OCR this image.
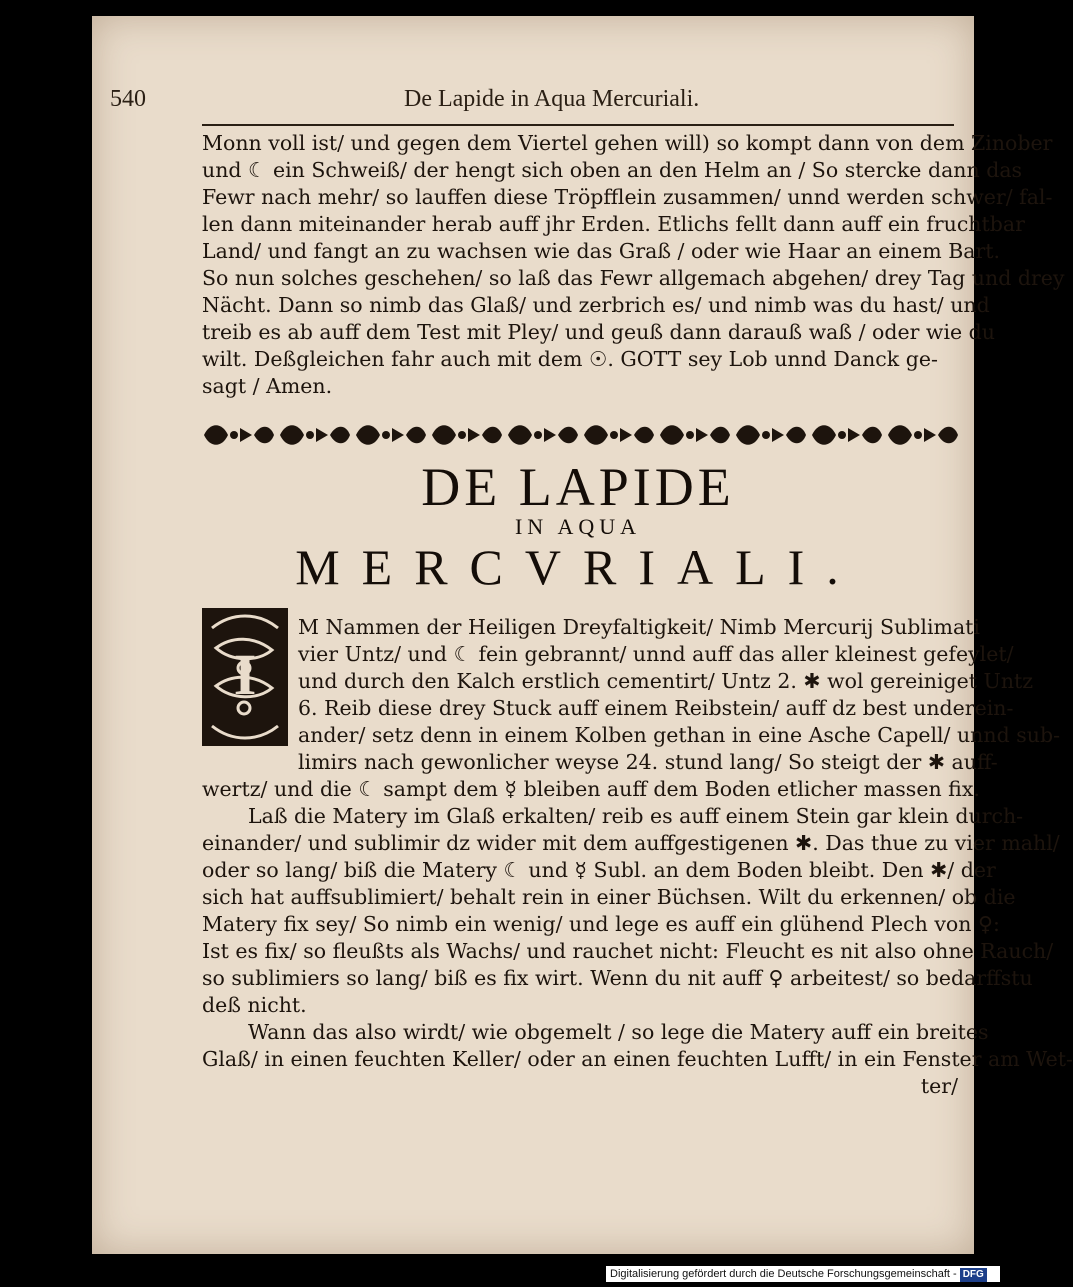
540	De Lapide in Aqua Mercuriali.
Monn voll ist/ und gegen dem Viertel gehen will) so kompt dann von dem Zinober
und ☾ ein Schweiß/ der hengt sich oben an den Helm an / So stercke dann das
Fewr nach mehr/ so lauffen diese Tröpfflein zusammen/ unnd werden schwer/ fal-
len dann miteinander herab auff jhr Erden. Etlichs fellt dann auff ein fruchtbar
Land/ und fangt an zu wachsen wie das Graß / oder wie Haar an einem Bart.
So nun solches geschehen/ so laß das Fewr allgemach abgehen/ drey Tag und drey
Nächt. Dann so nimb das Glaß/ und zerbrich es/ und nimb was du hast/ und
treib es ab auff dem Test mit Pley/ und geuß dann darauß waß / oder wie du
wilt. Deßgleichen fahr auch mit dem ☉. GOTT sey Lob unnd Danck ge-
sagt / Amen.
DE LAPIDE
IN AQUA
MERCVRIALI.
I
M Nammen der Heiligen Dreyfaltigkeit/ Nimb Mercurij Sublimati
vier Untz/ und ☾ fein gebrannt/ unnd auff das aller kleinest gefeylet/
und durch den Kalch erstlich cementirt/ Untz 2. ✱ wol gereiniget Untz
6. Reib diese drey Stuck auff einem Reibstein/ auff dz best underein-
ander/ setz denn in einem Kolben gethan in eine Asche Capell/ unnd sub-
limirs nach gewonlicher weyse 24. stund lang/ So steigt der ✱ auff-
wertz/ und die ☾ sampt dem ☿ bleiben auff dem Boden etlicher massen fix.
Laß die Matery im Glaß erkalten/ reib es auff einem Stein gar klein durch-
einander/ und sublimir dz wider mit dem auffgestigenen ✱. Das thue zu vier mahl/
oder so lang/ biß die Matery ☾ und ☿ Subl. an dem Boden bleibt. Den ✱/ der
sich hat auffsublimiert/ behalt rein in einer Büchsen. Wilt du erkennen/ ob die
Matery fix sey/ So nimb ein wenig/ und lege es auff ein glühend Plech von ♀:
Ist es fix/ so fleußts als Wachs/ und rauchet nicht: Fleucht es nit also ohne Rauch/
so sublimiers so lang/ biß es fix wirt. Wenn du nit auff ♀ arbeitest/ so bedarffstu
deß nicht.
Wann das also wirdt/ wie obgemelt / so lege die Matery auff ein breites
Glaß/ in einen feuchten Keller/ oder an einen feuchten Lufft/ in ein Fenster am Wet-
ter/
Digitalisierung gefördert durch die Deutsche Forschungsgemeinschaft - DFG
